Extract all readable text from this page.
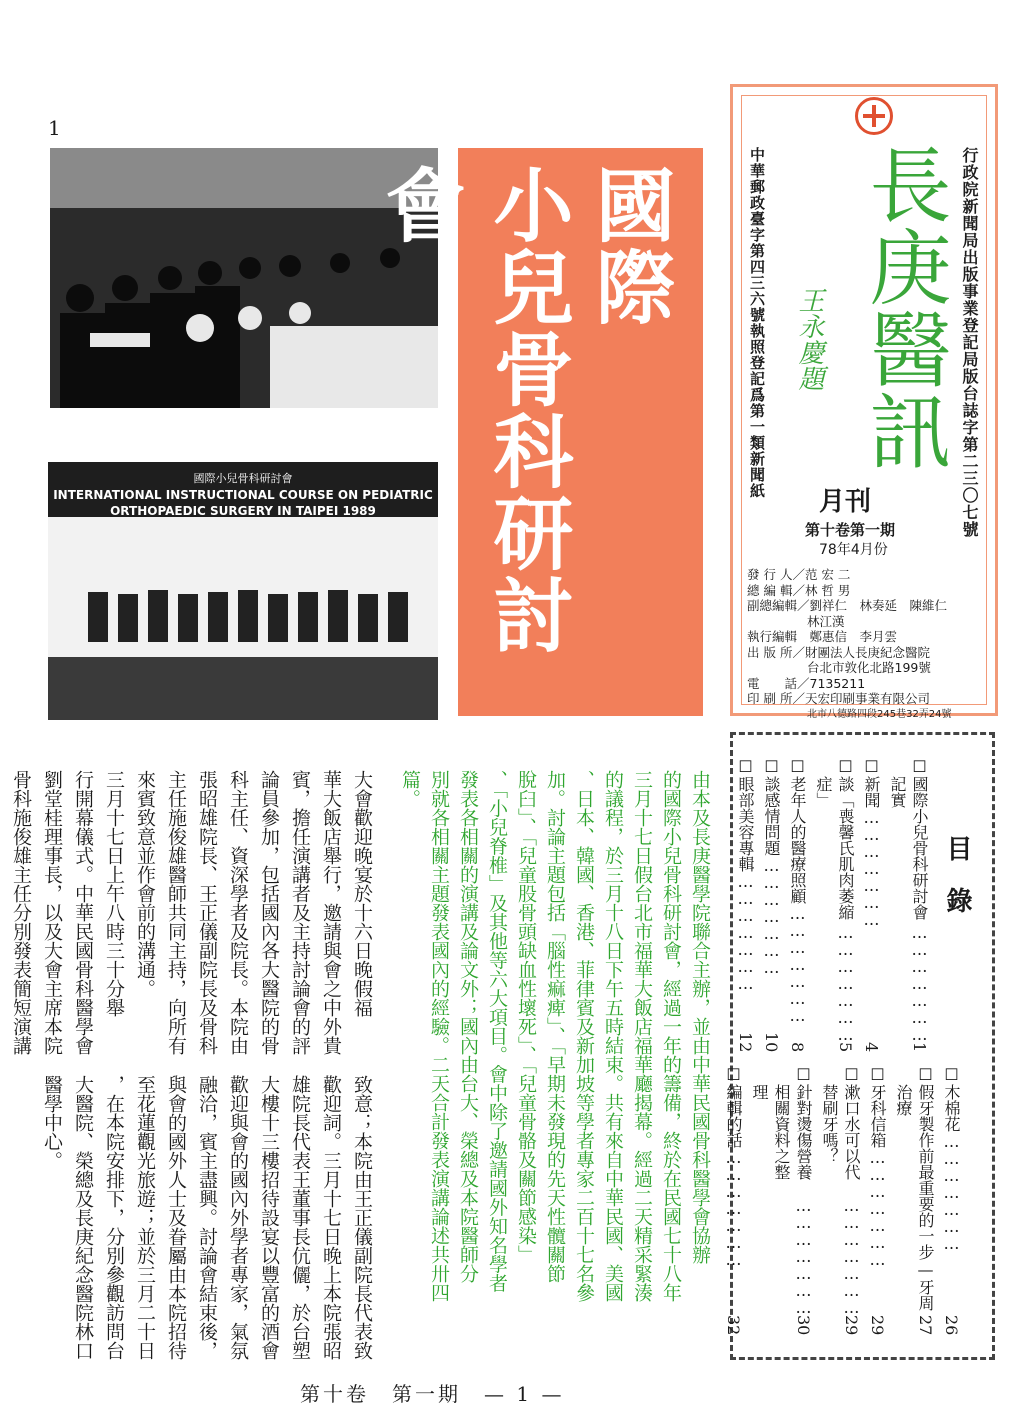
1
國際小兒骨科研討會
INTERNATIONAL INSTRUCTIONAL COURSE ON PEDIATRIC
ORTHOPAEDIC SURGERY IN TAIPEI 1989
國際
小兒骨科研討會	行政院新聞局出版事業登記局版台誌字第二三〇七號
長庚醫訊
中華郵政臺字第四三六號執照登記爲第一類新聞紙 王永慶題
月刊
第十卷第一期
78年4月份
發 行 人／范 宏 二
總 編 輯／林 哲 男
副總編輯／劉祥仁　林奏延　陳維仁
林江漢
執行編輯　鄭惠信　李月雲
出 版 所／財團法人長庚紀念醫院
台北市敦化北路199號
電　　話／7135211
印 刷 所／天宏印刷事業有限公司
北市八德路四段245巷32弄24號
目　錄
☐
國際小兒骨科研討會記實
…………………
1
☐
新聞
…………………
4
☐
談「喪馨氏肌肉萎縮症」
…………………
5
☐
老年人的醫療照顧
…………………
8
☐
談感情問題
…………………
10
☐
眼部美容專輯
…………………
12
☐
木棉花
…………………
26
☐
假牙製作前最重要的一步—牙周治療
27
☐
牙科信箱
…………………
29
☐
漱口水可以代替刷牙嗎？
…………………
29
☐
針對燙傷營養相關資料之整理
…………………
30
☐
編輯的話
…………………
32
由本及長庚醫學院聯合主辦，並由中華民國骨科醫學會協辦
的國際小兒骨科研討會，經過一年的籌備，終於在民國七十八年
三月十七日假台北市福華大飯店福華廳揭幕。經過二天精采緊湊
的議程，於三月十八日下午五時結束。共有來自中華民國、美國
、日本、韓國、香港、菲律賓及新加坡等學者專家二百十七名參
加。討論主題包括「腦性痲痺」、「早期未發現的先天性髖關節
脫臼」、「兒童股骨頭缺血性壞死」、「兒童骨骼及關節感染」
、「小兒脊椎」及其他等六大項目。會中除了邀請國外知名學者
發表各相關的演講及論文外；國內由台大、榮總及本院醫師分
別就各相關主題發表國內的經驗。二天合計發表演講論述共卅四
篇。
大會歡迎晚宴於十六日晚假福
華大飯店舉行，邀請與會之中外貴
賓，擔任演講者及主持討論會的評
論員參加，包括國內各大醫院的骨
科主任、資深學者及院長。本院由
張昭雄院長、王正儀副院長及骨科
主任施俊雄醫師共同主持，向所有
來賓致意並作會前的溝通。
三月十七日上午八時三十分舉
行開幕儀式。中華民國骨科醫學會
劉堂桂理事長，以及大會主席本院
骨科施俊雄主任分別發表簡短演講
致意；本院由王正儀副院長代表致
歡迎詞。三月十七日晚上本院張昭
雄院長代表王董事長伉儷，於台塑
大樓十三樓招待設宴以豐富的酒會
歡迎與會的國內外學者專家，氣氛
融洽，賓主盡興。討論會結束後，
與會的國外人士及眷屬由本院招待
至花蓮觀光旅遊；並於三月二十日
，在本院安排下，分別參觀訪問台
大醫院、榮總及長庚紀念醫院林口
醫學中心。
第十卷　第一期　— 1 —
